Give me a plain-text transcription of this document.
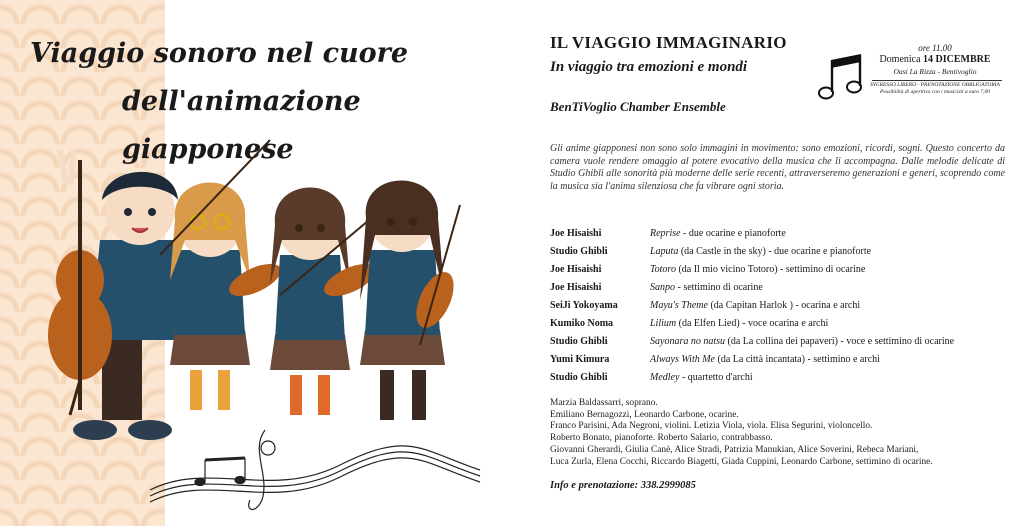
Viaggio sonoro nel cuore
dell'animazione giapponese
IL VIAGGIO IMMAGINARIO
In viaggio tra emozioni e mondi
BenTiVoglio Chamber Ensemble
ore 11.00
Domenica 14 DICEMBRE
Oasi La Rizza - Bentivoglio
INGRESSO LIBERO - PRENOTAZIONE OBBLIGATORIA
Possibilità di aperitivo con i musicisti a euro 7,00
Gli anime giapponesi non sono solo immagini in movimento: sono emozioni, ricordi, sogni. Questo concerto da camera vuole rendere omaggio al potere evocativo della musica che li accompagna. Dalle melodie delicate di Studio Ghibli alle sonorità più moderne delle serie recenti, attraverseremo generazioni e generi, scoprendo come la musica sia l'anima silenziosa che fa vibrare ogni storia.
Joe Hisaishi	Reprise - due ocarine e pianoforte
Studio Ghibli	Laputa (da Castle in the sky) - due ocarine e pianoforte
Joe Hisaishi	Totoro (da Il mio vicino Totoro) - settimino di ocarine
Joe Hisaishi	Sanpo - settimino di ocarine
SeiJi Yokoyama	Mayu's Theme (da Capitan Harlok ) - ocarina e archi
Kumiko Noma	Lilium (da Elfen Lied) - voce ocarina e archi
Studio Ghibli	Sayonara no natsu (da La collina dei papaveri) - voce e settimino di ocarine
Yumi Kimura	Always With Me (da La città incantata) - settimino e archi
Studio Ghibli	Medley - quartetto d'archi
Marzia Baldassarri, soprano.
Emiliano Bernagozzi, Leonardo Carbone, ocarine.
Franco Parisini, Ada Negroni, violini. Letizia Viola, viola. Elisa Segurini, violoncello.
Roberto Bonato, pianoforte. Roberto Salario, contrabbasso.
Giovanni Gherardi, Giulia Canè, Alice Stradi, Patrizia Manukian, Alice Soverini, Rebeca Mariani,
Luca Zurla, Elena Cocchi, Riccardo Biagetti, Giada Cuppini, Leonardo Carbone, settimino di ocarine.
Info e prenotazione: 338.2999085
